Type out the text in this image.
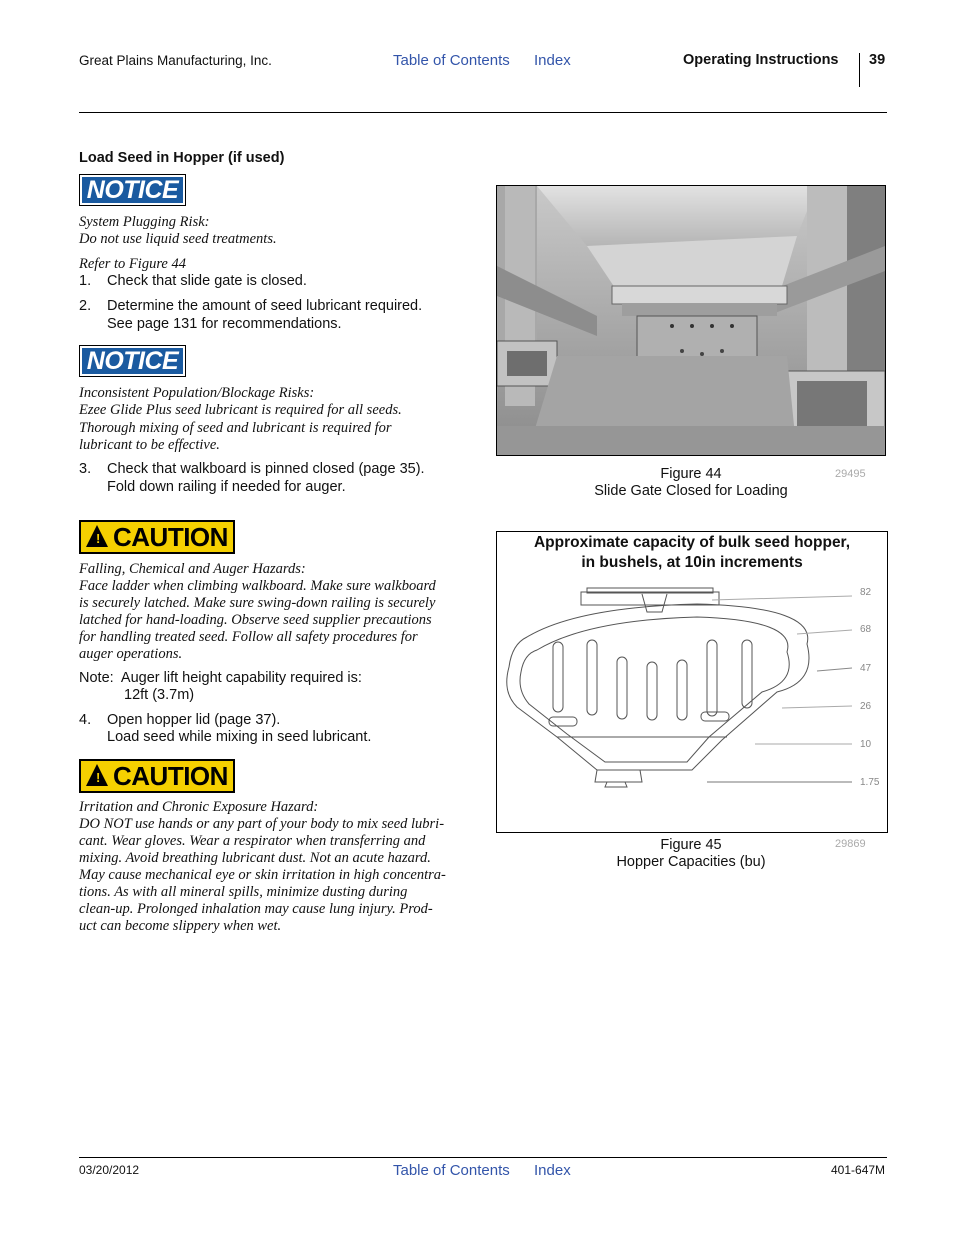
Great Plains Manufacturing, Inc.	Table of Contents Index	Operating Instructions 39
Load Seed in Hopper (if used)
NOTICE
System Plugging Risk:
Do not use liquid seed treatments.
Refer to Figure 44
1.	Check that slide gate is closed.
2.	Determine the amount of seed lubricant required.
See page 131 for recommendations.
NOTICE
Inconsistent Population/Blockage Risks:
Ezee Glide Plus seed lubricant is required for all seeds.
Thorough mixing of seed and lubricant is required for
lubricant to be effective.
3.	Check that walkboard is pinned closed (page 35).
Fold down railing if needed for auger.
! CAUTION
Falling, Chemical and Auger Hazards:
Face ladder when climbing walkboard. Make sure walkboard
is securely latched. Make sure swing-down railing is securely
latched for hand-loading. Observe seed supplier precautions
for handling treated seed. Follow all safety procedures for
auger operations.
Note:  Auger lift height capability required is:
12ft (3.7m)
4.	Open hopper lid (page 37).
Load seed while mixing in seed lubricant.
! CAUTION
Irritation and Chronic Exposure Hazard:
DO NOT use hands or any part of your body to mix seed lubri-
cant. Wear gloves. Wear a respirator when transferring and
mixing. Avoid breathing lubricant dust. Not an acute hazard.
May cause mechanical eye or skin irritation in high concentra-
tions. As with all mineral spills, minimize dusting during
clean-up. Prolonged inhalation may cause lung injury. Prod-
uct can become slippery when wet.
Figure 44	29495
Slide Gate Closed for Loading
Approximate capacity of bulk seed hopper,
in bushels, at 10in increments
82
68
47
26
10
1.75
Figure 45	29869
Hopper Capacities (bu)
03/20/2012	Table of Contents Index	401-647M
